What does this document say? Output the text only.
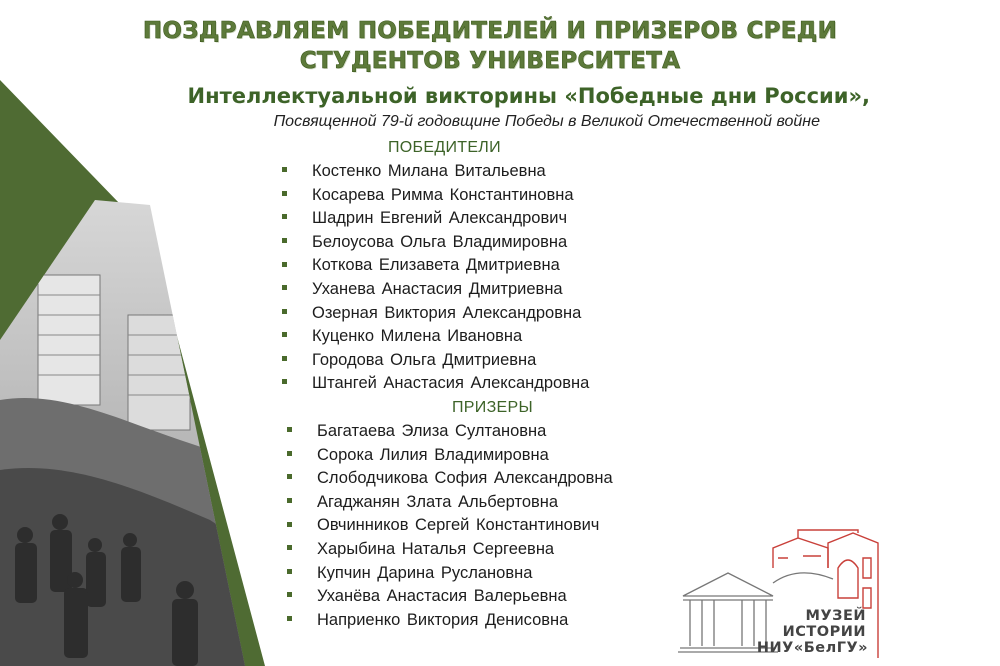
ПОЗДРАВЛЯЕМ ПОБЕДИТЕЛЕЙ И ПРИЗЕРОВ СРЕДИ
СТУДЕНТОВ УНИВЕРСИТЕТА
Интеллектуальной викторины «Победные дни России»,
Посвященной 79-й годовщине Победы в Великой Отечественной войне
ПОБЕДИТЕЛИ
Костенко Милана Витальевна
Косарева Римма Константиновна
Шадрин Евгений Александрович
Белоусова Ольга Владимировна
Коткова Елизавета Дмитриевна
Уханева Анастасия Дмитриевна
Озерная Виктория Александровна
Куценко Милена Ивановна
Городова Ольга Дмитриевна
Штангей Анастасия Александровна
ПРИЗЕРЫ
Багатаева Элиза Султановна
Сорока Лилия Владимировна
Слободчикова София Александровна
Агаджанян Злата Альбертовна
Овчинников Сергей Константинович
Харыбина Наталья Сергеевна
Купчин Дарина Руслановна
Уханёва Анастасия Валерьевна
Наприенко Виктория Денисовна	МУЗЕЙ
ИСТОРИИ
НИУ«БелГУ»
